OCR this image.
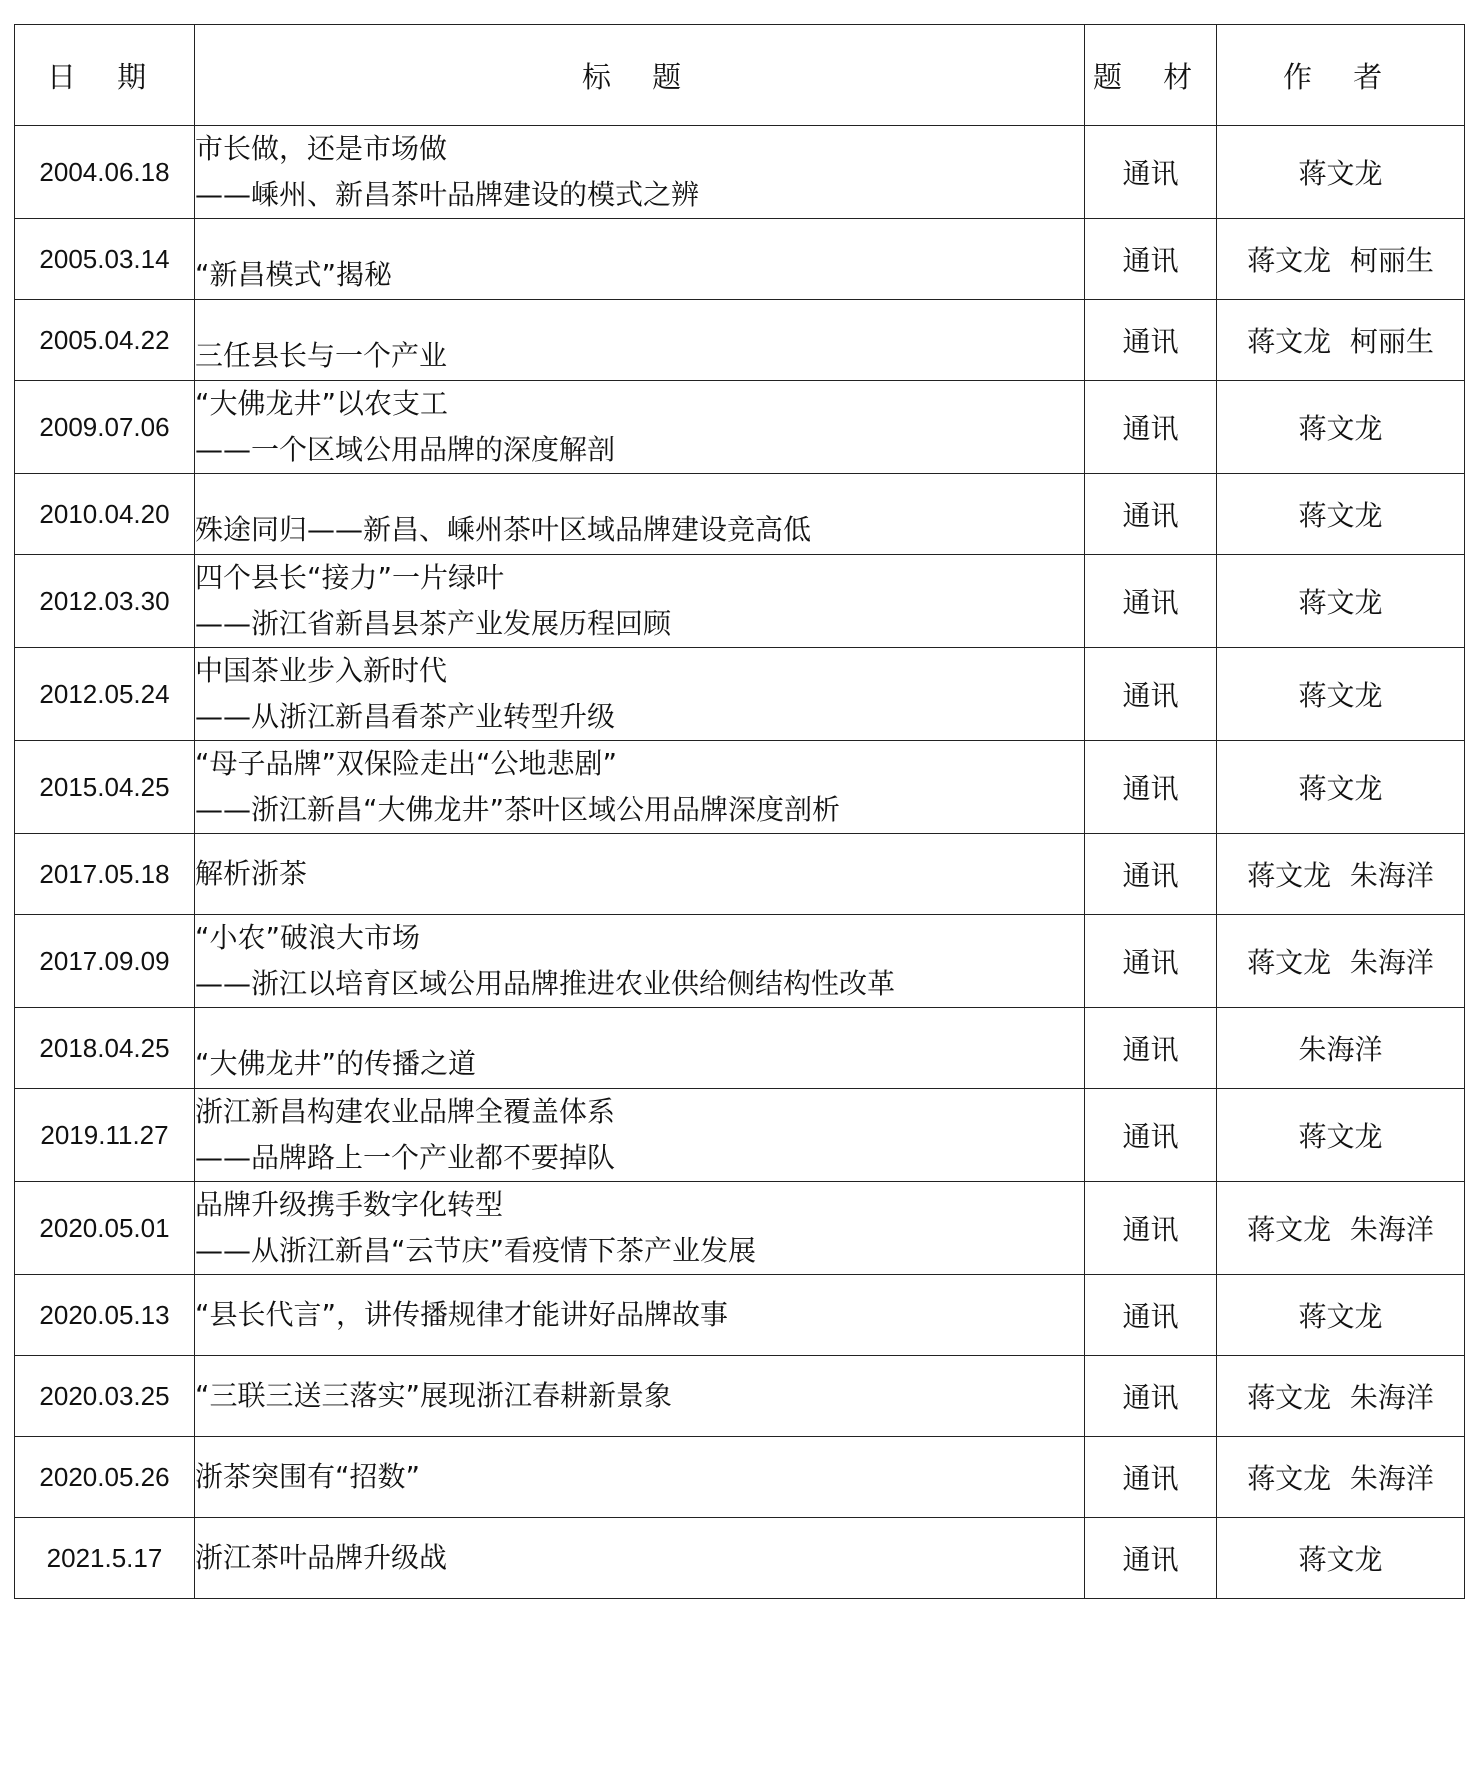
日 期	标 题	题 材	作 者
2004.06.18	市长做，还是市场做
——嵊州、新昌茶叶品牌建设的模式之辨	通讯	蒋文龙
2005.03.14	“新昌模式”揭秘	通讯	蒋文龙 柯丽生
2005.04.22	三任县长与一个产业	通讯	蒋文龙 柯丽生
2009.07.06	“大佛龙井”以农支工
——一个区域公用品牌的深度解剖	通讯	蒋文龙
2010.04.20	殊途同归——新昌、嵊州茶叶区域品牌建设竞高低	通讯	蒋文龙
2012.03.30	四个县长“接力”一片绿叶
——浙江省新昌县茶产业发展历程回顾	通讯	蒋文龙
2012.05.24	中国茶业步入新时代
——从浙江新昌看茶产业转型升级	通讯	蒋文龙
2015.04.25	“母子品牌”双保险走出“公地悲剧”
——浙江新昌“大佛龙井”茶叶区域公用品牌深度剖析	通讯	蒋文龙
2017.05.18	解析浙茶	通讯	蒋文龙 朱海洋
2017.09.09	“小农”破浪大市场
——浙江以培育区域公用品牌推进农业供给侧结构性改革	通讯	蒋文龙 朱海洋
2018.04.25	“大佛龙井”的传播之道	通讯	朱海洋
2019.11.27	浙江新昌构建农业品牌全覆盖体系
——品牌路上一个产业都不要掉队	通讯	蒋文龙
2020.05.01	品牌升级携手数字化转型
——从浙江新昌“云节庆”看疫情下茶产业发展	通讯	蒋文龙 朱海洋
2020.05.13	“县长代言”，讲传播规律才能讲好品牌故事	通讯	蒋文龙
2020.03.25	“三联三送三落实”展现浙江春耕新景象	通讯	蒋文龙 朱海洋
2020.05.26	浙茶突围有“招数”	通讯	蒋文龙 朱海洋
2021.5.17	浙江茶叶品牌升级战	通讯	蒋文龙
